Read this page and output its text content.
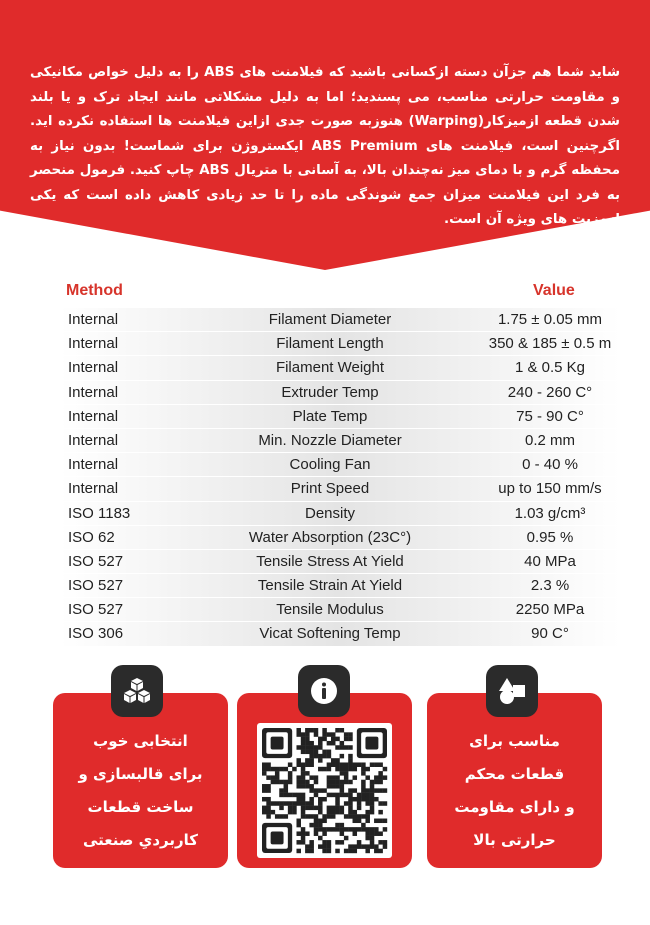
شاید شما هم جزآن دسته ازکسانی باشید که فیلامنت های ABS را به دلیل خواص مکانیکی و مقاومت حرارتی مناسب، می پسندید؛ اما به دلیل مشکلاتی مانند ایجاد ترک و یا بلند شدن قطعه ازمیزکار(Warping) هنوزبه صورت جدی ازاین فیلامنت ها استفاده نکرده اید. اگرچنین است، فیلامنت های ABS Premium ایکستروژن برای شماست! بدون نیاز به محفظه گرم و با دمای میز نه‌چندان بالا، به آسانی با متریال ABS چاپ کنید. فرمول منحصر به فرد این فیلامنت میزان جمع شوندگی ماده را تا حد زیادی کاهش داده است که یکی ازمزیت های ویژه آن است.

Method	Value
Internal	Filament Diameter	1.75 ± 0.05 mm
Internal	Filament Length	350 & 185 ± 0.5 m
Internal	Filament Weight	1 & 0.5 Kg
Internal	Extruder Temp	240 - 260 C°
Internal	Plate Temp	75 - 90 C°
Internal	Min. Nozzle Diameter	0.2 mm
Internal	Cooling Fan	0 - 40 %
Internal	Print Speed	up to 150 mm/s
ISO 1183	Density	1.03 g/cm³
ISO 62	Water Absorption (23C°)	0.95 %
ISO 527	Tensile Stress At Yield	40 MPa
ISO 527	Tensile Strain At Yield	2.3 %
ISO 527	Tensile Modulus	2250 MPa
ISO 306	Vicat Softening Temp	90 C°
انتخابی خوب
برای قالبسازی و
ساخت قطعات
کاربردیِ صنعتی
مناسب برای
قطعات محکم
و دارای مقاومت
حرارتی بالا
